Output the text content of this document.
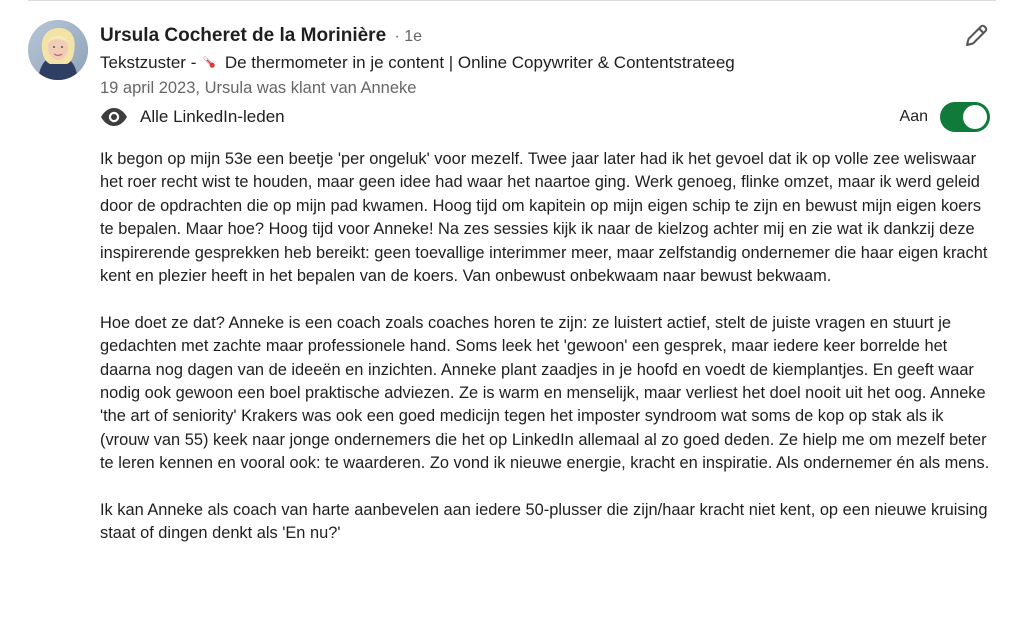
Ursula Cocheret de la Morinière · 1e
Tekstzuster - De thermometer in je content | Online Copywriter & Contentstrateeg
19 april 2023, Ursula was klant van Anneke
Alle LinkedIn-leden	Aan

Ik begon op mijn 53e een beetje 'per ongeluk' voor mezelf. Twee jaar later had ik het gevoel dat ik op volle zee weliswaar het roer recht wist te houden, maar geen idee had waar het naartoe ging. Werk genoeg, flinke omzet, maar ik werd geleid door de opdrachten die op mijn pad kwamen. Hoog tijd om kapitein op mijn eigen schip te zijn en bewust mijn eigen koers te bepalen. Maar hoe? Hoog tijd voor Anneke! Na zes sessies kijk ik naar de kielzog achter mij en zie wat ik dankzij deze inspirerende gesprekken heb bereikt: geen toevallige interimmer meer, maar zelfstandig ondernemer die haar eigen kracht kent en plezier heeft in het bepalen van de koers. Van onbewust onbekwaam naar bewust bekwaam.

Hoe doet ze dat? Anneke is een coach zoals coaches horen te zijn: ze luistert actief, stelt de juiste vragen en stuurt je gedachten met zachte maar professionele hand. Soms leek het 'gewoon' een gesprek, maar iedere keer borrelde het daarna nog dagen van de ideeën en inzichten. Anneke plant zaadjes in je hoofd en voedt de kiemplantjes. En geeft waar nodig ook gewoon een boel praktische adviezen. Ze is warm en menselijk, maar verliest het doel nooit uit het oog. Anneke 'the art of seniority' Krakers was ook een goed medicijn tegen het imposter syndroom wat soms de kop op stak als ik (vrouw van 55) keek naar jonge ondernemers die het op LinkedIn allemaal al zo goed deden. Ze hielp me om mezelf beter te leren kennen en vooral ook: te waarderen. Zo vond ik nieuwe energie, kracht en inspiratie. Als ondernemer én als mens.

Ik kan Anneke als coach van harte aanbevelen aan iedere 50-plusser die zijn/haar kracht niet kent, op een nieuwe kruising staat of dingen denkt als 'En nu?'
